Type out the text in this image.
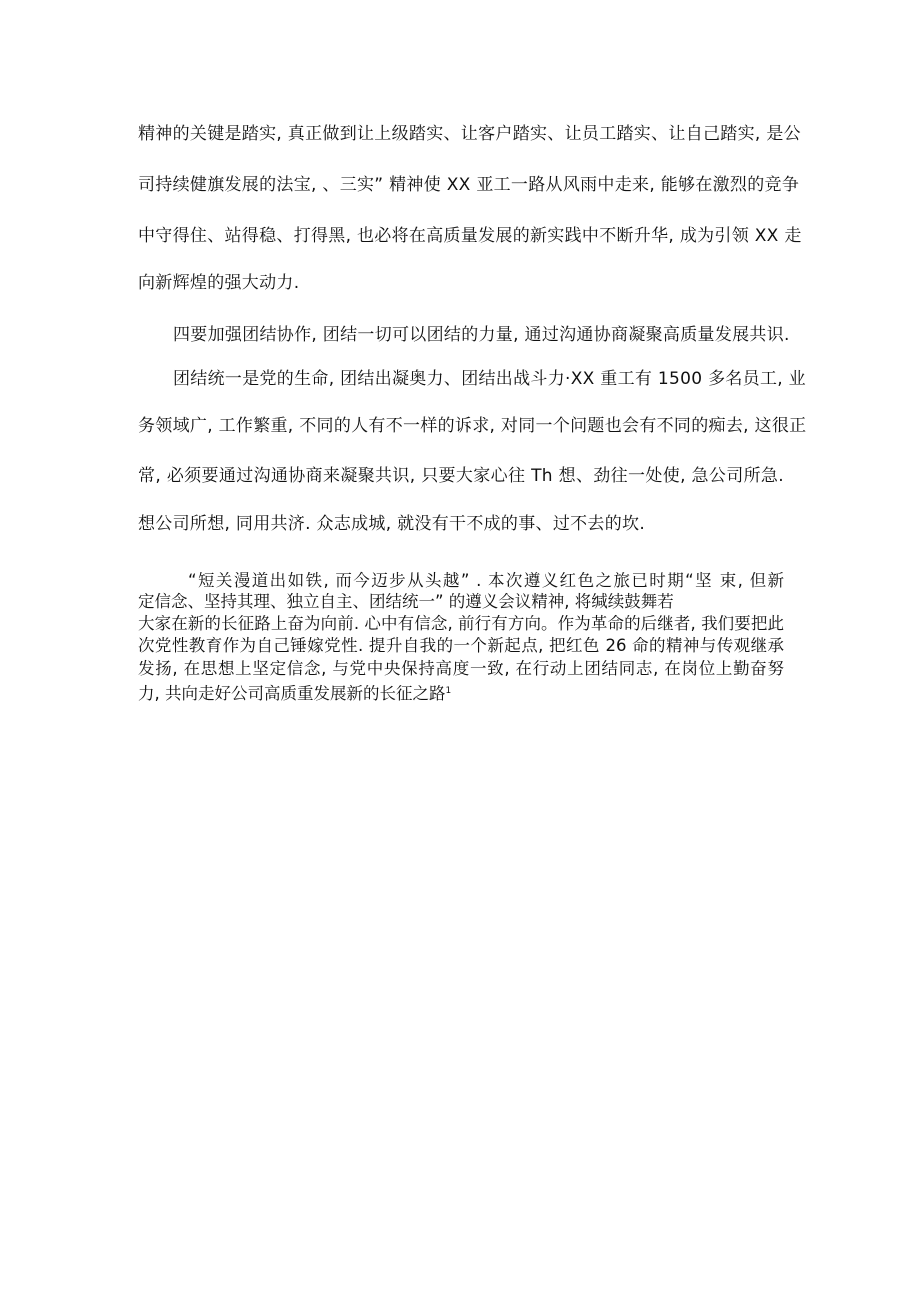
精神的关键是踏实, 真正做到让上级踏实、让客户踏实、让员工踏实、让自己踏实, 是公
司持续健旗发展的法宝, 、三实” 精神使 XX 亚工一路从风雨中走来, 能够在激烈的竞争
中守得住、站得稳、打得黑, 也必将在高质量发展的新实践中不断升华, 成为引领 XX 走
向新辉煌的强大动力.
四要加强团结协作, 团结一切可以团结的力量, 通过沟通协商凝聚高质量发展共识.
团结统一是党的生命, 团结出凝奥力、团结出战斗力·XX 重工有 1500 多名员工, 业
务领域广, 工作繁重, 不同的人有不一样的诉求, 对同一个问题也会有不同的痴去, 这很正
常, 必须要通过沟通协商来凝聚共识, 只要大家心往 Th 想、劲往一处使, 急公司所急.
想公司所想, 同用共济. 众志成城, 就没有干不成的事、过不去的坎.
“短关漫道出如铁, 而今迈步从头越” . 本次遵义红色之旅已时期“坚 束, 但新
定信念、坚持其理、独立自主、团结统一” 的遵义会议精神, 将缄续鼓舞若
大家在新的长征路上奋为向前. 心中有信念, 前行有方向。作为革命的后继者, 我们要把此
次党性教育作为自己锤嫁党性. 提升自我的一个新起点, 把红色 26 命的精神与传观继承
发扬, 在思想上坚定信念, 与党中央保持高度一致, 在行动上团结同志, 在岗位上勤奋努
力, 共向走好公司高质重发展新的长征之路$^1$
